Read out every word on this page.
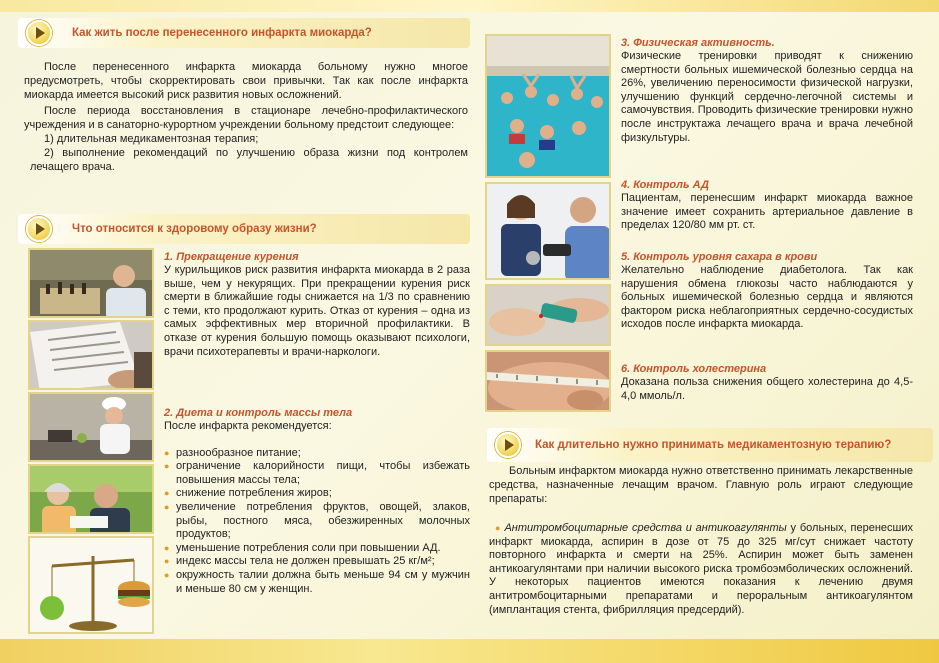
Как жить после перенесенного инфаркта миокарда?

После перенесенного инфаркта миокарда больному нужно многое предусмотреть, чтобы скорректировать свои привычки. Так как после инфаркта миокарда имеется высокий риск развития новых осложнений.

После периода восстановления в стационаре лечебно-профилактического учреждения и в санаторно-курортном учреждении больному предстоит следующее:

1) длительная медикаментозная терапия;

2) выполнение рекомендаций по улучшению образа жизни под контролем лечащего врача.

Что относится к здоровому образу жизни?
1. Прекращение курения

У курильщиков риск развития инфаркта миокарда в 2 раза выше, чем у некурящих. При прекращении курения риск смерти в ближайшие годы снижается на 1/3 по сравнению с теми, кто продолжают курить. Отказ от курения – одна из самых эффективных мер вторичной профилактики. В отказе от курения большую помощь оказывают психологи, врачи психотерапевты и врачи-наркологи.

2. Диета и контроль массы тела

После инфаркта рекомендуется:

● разнообразное питание;
● ограничение калорийности пищи, чтобы избежать повышения массы тела;
● снижение потребления жиров;
● увеличение потребления фруктов, овощей, злаков, рыбы, постного мяса, обезжиренных молочных продуктов;
● уменьшение потребления соли при повышении АД.
● индекс массы тела не должен превышать 25 кг/м²;
● окружность талии должна быть меньше 94 см у мужчин и меньше 80 см у женщин.
3. Физическая активность.

Физические тренировки приводят к снижению смертности больных ишемической болезнью сердца на 26%, увеличению переносимости физической нагрузки, улучшению функций сердечно-легочной системы и самочувствия. Проводить физические тренировки нужно после инструктажа лечащего врача и врача лечебной физкультуры.

4. Контроль АД

Пациентам, перенесшим инфаркт миокарда важное значение имеет сохранить артериальное давление в пределах 120/80 мм рт. ст.

5. Контроль уровня сахара в крови

Желательно наблюдение диабетолога. Так как нарушения обмена глюкозы часто наблюдаются у больных ишемической болезнью сердца и являются фактором риска неблагоприятных сердечно-сосудистых исходов после инфаркта миокарда.

6. Контроль холестерина

Доказана польза снижения общего холестерина до 4,5-4,0 ммоль/л.

Как длительно нужно принимать медикаментозную терапию?

Больным инфарктом миокарда нужно ответственно принимать лекарственные средства, назначенные лечащим врачом. Главную роль играют следующие препараты:

● Антитромбоцитарные средства и антикоагулянты у больных, перенесших инфаркт миокарда, аспирин в дозе от 75 до 325 мг/сут снижает частоту повторного инфаркта и смерти на 25%. Аспирин может быть заменен антикоагулянтами при наличии высокого риска тромбоэмболических осложнений. У некоторых пациентов имеются показания к лечению двумя антитромбоцитарными препаратами и пероральным антикоагулянтом (имплантация стента, фибрилляция предсердий).
